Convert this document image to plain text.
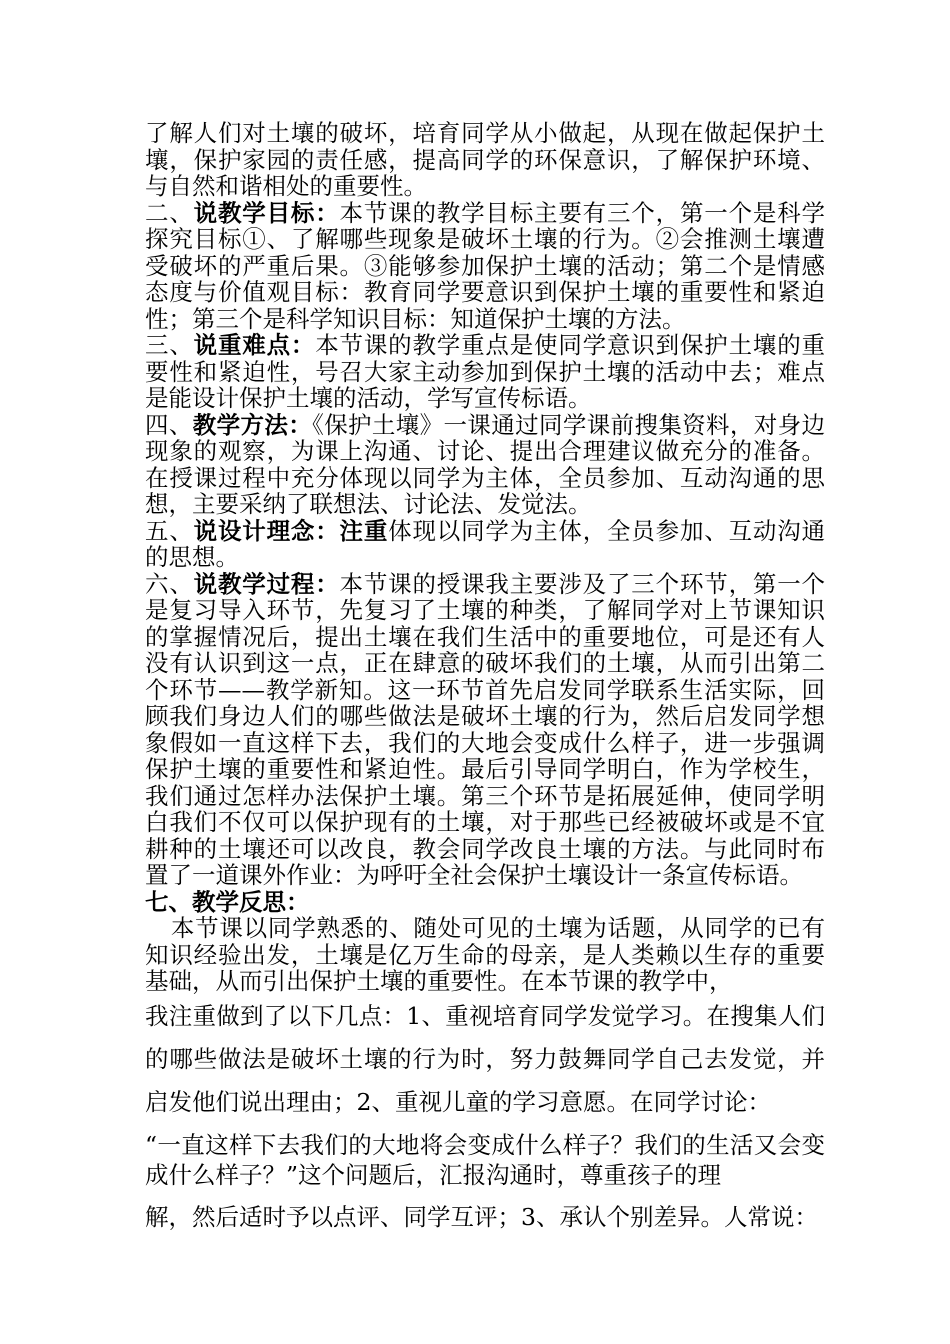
了解人们对土壤的破坏，培育同学从小做起，从现在做起保护土壤，保护家园的责任感，提高同学的环保意识，了解保护环境、与自然和谐相处的重要性。

二、说教学目标：本节课的教学目标主要有三个，第一个是科学探究目标①、了解哪些现象是破坏土壤的行为。②会推测土壤遭受破坏的严重后果。③能够参加保护土壤的活动；第二个是情感态度与价值观目标：教育同学要意识到保护土壤的重要性和紧迫性；第三个是科学知识目标：知道保护土壤的方法。

三、说重难点：本节课的教学重点是使同学意识到保护土壤的重要性和紧迫性，号召大家主动参加到保护土壤的活动中去；难点是能设计保护土壤的活动，学写宣传标语。

四、教学方法：《保护土壤》一课通过同学课前搜集资料，对身边现象的观察，为课上沟通、讨论、提出合理建议做充分的准备。在授课过程中充分体现以同学为主体，全员参加、互动沟通的思想，主要采纳了联想法、讨论法、发觉法。

五、说设计理念：注重体现以同学为主体，全员参加、互动沟通的思想。

六、说教学过程：本节课的授课我主要涉及了三个环节，第一个是复习导入环节，先复习了土壤的种类，了解同学对上节课知识的掌握情况后，提出土壤在我们生活中的重要地位，可是还有人没有认识到这一点，正在肆意的破坏我们的土壤，从而引出第二个环节——教学新知。这一环节首先启发同学联系生活实际，回顾我们身边人们的哪些做法是破坏土壤的行为，然后启发同学想象假如一直这样下去，我们的大地会变成什么样子，进一步强调保护土壤的重要性和紧迫性。最后引导同学明白，作为学校生，我们通过怎样办法保护土壤。第三个环节是拓展延伸，使同学明白我们不仅可以保护现有的土壤，对于那些已经被破坏或是不宜耕种的土壤还可以改良，教会同学改良土壤的方法。与此同时布置了一道课外作业：为呼吁全社会保护土壤设计一条宣传标语。

七、教学反思：

本节课以同学熟悉的、随处可见的土壤为话题，从同学的已有知识经验出发，土壤是亿万生命的母亲，是人类赖以生存的重要基础，从而引出保护土壤的重要性。在本节课的教学中，

我注重做到了以下几点：1、重视培育同学发觉学习。在搜集人们的哪些做法是破坏土壤的行为时，努力鼓舞同学自己去发觉，并启发他们说出理由；2、重视儿童的学习意愿。在同学讨论：

“一直这样下去我们的大地将会变成什么样子？我们的生活又会变成什么样子？”这个问题后，汇报沟通时，尊重孩子的理

解，然后适时予以点评、同学互评；3、承认个别差异。人常说：
